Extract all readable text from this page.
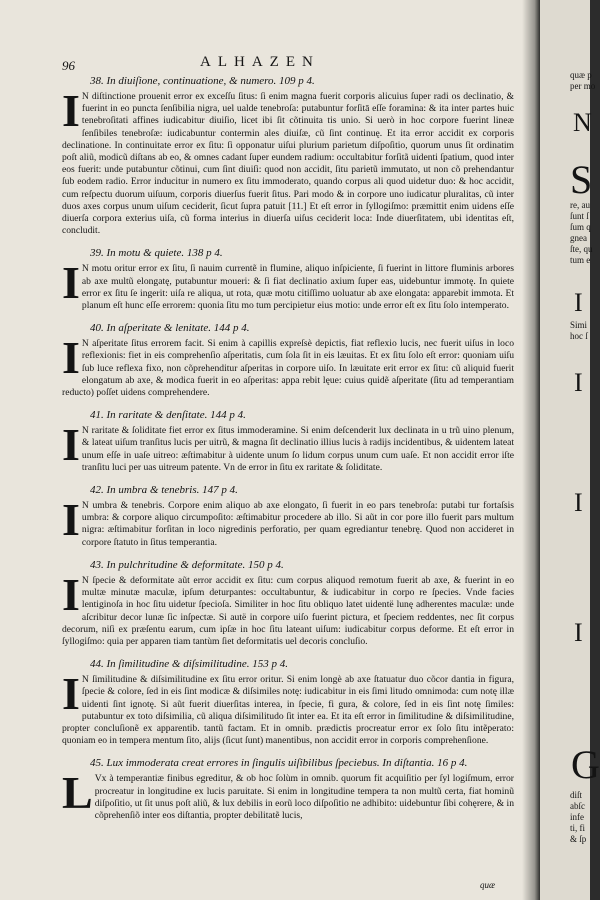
96	ALHAZEN
38. In diuiſione, continuatione, & numero. 109 p 4.
I N diſtinctione prouenit error ex exceſſu ſitus: ſi enim magna fuerit corporis alicuius ſuper radi os declinatio, & fuerint in eo puncta ſenſibilia nigra, uel ualde tenebroſa: putabuntur forſitā eſſe foramina: & ita inter partes huic tenebroſitati affines iudicabitur diuiſio, licet ibi ſit cõtinuita tis unio. Si uerò in hoc corpore fuerint lineæ ſenſibiles tenebroſæ: iudicabuntur contermin ales diuiſæ, cũ ſint continuę. Et ita error accidit ex corporis declinatione. In continuitate error ex ſitu: ſi opponatur uiſui plurium parietum diſpoſitio, quorum unus ſit ordinatim poſt aliũ, modicũ diſtans ab eo, & omnes cadant ſuper eundem radium: occultabitur forſitã uidenti ſpatium, quod inter eos fuerit: unde putabuntur cõtinui, cum ſint diuiſi: quod non accidit, ſitu parietũ immutato, ut non cõ prehendantur ſub eodem radio. Error inducitur in numero ex ſitu immoderato, quando corpus ali quod uidetur duo: & hoc accidit, cum reſpectu duorum uiſuum, corporis diuerſus fuerit ſitus. Pari modo & in corpore uno iudicatur pluralitas, cũ inter duos axes corpus unum uiſum ceciderit, ſicut ſupra patuit [11.] Et eſt error in ſyllogiſmo: præmittit enim uidens eſſe diuerſa corpora exterius uiſa, cũ forma interius in diuerſa uiſus ceciderit loca: Inde diuerſitatem, ubi identitas eſt, concludit.
39. In motu & quiete. 138 p 4.
I N motu oritur error ex ſitu, ſi nauim currentẽ in flumine, aliquo inſpiciente, ſi fuerint in littore fluminis arbores ab axe multũ elongatę, putabuntur moueri: & ſi fiat declinatio axium ſuper eas, uidebuntur immotę. In quiete error ex ſitu ſe ingerit: uiſa re aliqua, ut rota, quæ motu citiſſimo uoluatur ab axe elongata: apparebit immota. Et planum eſt hunc eſſe errorem: quonia ſitu mo tum percipietur eius motio: unde error eſt ex ſitu ſolo intemperato.
40. In aſperitate & lenitate. 144 p 4.
I N aſperitate ſitus errorem facit. Si enim à capillis expreſsè depictis, fiat reflexio lucis, nec fuerit uiſus in loco reflexionis: fiet in eis comprehenſio aſperitatis, cum ſola ſit in eis læuitas. Et ex ſitu ſolo eſt error: quoniam uiſu ſub luce reflexa fixo, non cõprehenditur aſperitas in corpore uiſo. In læuitate erit error ex ſitu: cũ aliquid fuerit elongatum ab axe, & modica fuerit in eo aſperitas: appa rebit lęue: cuius quidẽ aſperitate (ſitu ad temperantiam reducto) poſſet uidens comprehendere.
41. In raritate & denſitate. 144 p 4.
I N raritate & ſoliditate fiet error ex ſitus immoderamine. Si enim deſcenderit lux declinata in u trũ uino plenum, & lateat uiſum tranſitus lucis per uitrũ, & magna ſit declinatio illius lucis à radijs incidentibus, & uidentem lateat unum eſſe in uaſe uitreo: æſtimabitur à uidente unum ſo lidum corpus unum cum uaſe. Et non accidit error iſte tranſitu luci per uas uitreum patente. Vn de error in ſitu ex raritate & ſoliditate.
42. In umbra & tenebris. 147 p 4.
I N umbra & tenebris. Corpore enim aliquo ab axe elongato, ſi fuerit in eo pars tenebroſa: putabi tur fortaſsis umbra: & corpore aliquo circumpoſito: æſtimabitur procedere ab illo. Si aũt in cor pore illo fuerit pars multum nigra: æſtimabitur forſitan in loco nigredinis perforatio, per quam egrediantur tenebrę. Quod non accideret in corpore ſtatuto in ſitus temperantia.
43. In pulchritudine & deformitate. 150 p 4.
I N ſpecie & deformitate aũt error accidit ex ſitu: cum corpus aliquod remotum fuerit ab axe, & fuerint in eo multæ minutæ maculæ, ipſum deturpantes: occultabuntur, & iudicabitur in corpo re ſpecies. Vnde facies lentiginoſa in hoc ſitu uidetur ſpecioſa. Similiter in hoc ſitu obliquo latet uidentë lunę adherentes maculæ: unde aſcribitur decor lunæ ſic inſpectæ. Si autë in corpore uiſo fuerint pictura, et ſpeciem reddentes, nec ſit corpus decorum, niſi ex præſentu earum, cum ipſæ in hoc ſitu lateant uiſum: iudicabitur corpus deforme. Et eſt error in ſyllogiſmo: quia per apparen tiam tantùm ſiet deformitatis uel decoris concluſio.
44. In ſimilitudine & diſsimilitudine. 153 p 4.
I N ſimilitudine & diſsimilitudine ex ſitu error oritur. Si enim longè ab axe ſtatuatur duo cõcor dantia in figura, ſpecie & colore, ſed in eis ſint modicæ & diſsimiles notę: iudicabitur in eis ſimi litudo omnimoda: cum notę illæ uidenti ſint ignotę. Si aũt fuerit diuerſitas interea, in ſpecie, fi gura, & colore, ſed in eis ſint notę ſimiles: putabuntur ex toto diſsimilia, cũ aliqua diſsimilitudo ſit inter ea. Et ita eſt error in ſimilitudine & diſsimilitudine, propter concluſionẽ ex apparentib. tantũ factam. Et in omnib. prædictis procreatur error ex ſolo ſitu intẽperato: quoniam eo in tempera mentum ſito, alijs (ſicut ſunt) manentibus, non accidit error in corporis comprehenſione.
45. Lux immoderata creat errores in ſingulis uiſibilibus ſpeciebus. In diſtantia. 16 p 4.
L Vx à temperantiæ finibus egreditur, & ob hoc ſolùm in omnib. quorum fit acquiſitio per ſyl logiſmum, error procreatur in longitudine ex lucis paruitate. Si enim in longitudine tempera ta non multũ certa, fiat hominũ diſpoſitio, ut ſit unus poſt aliũ, & lux debilis in eorũ loco diſpoſitio ne adhibito: uidebuntur ſibi cohęrere, & in cõprehenſiõ inter eos diſtantia, propter debilitatẽ lucis,
quæ
quæ p
per mo
N
S
re, au
ſunt ſ
ſum q
gnea
ſte, qu
tum e
I
Simi
hoc ſ
I
I
I
G
diſt
abſc
infe
ti, fi
& ſp
